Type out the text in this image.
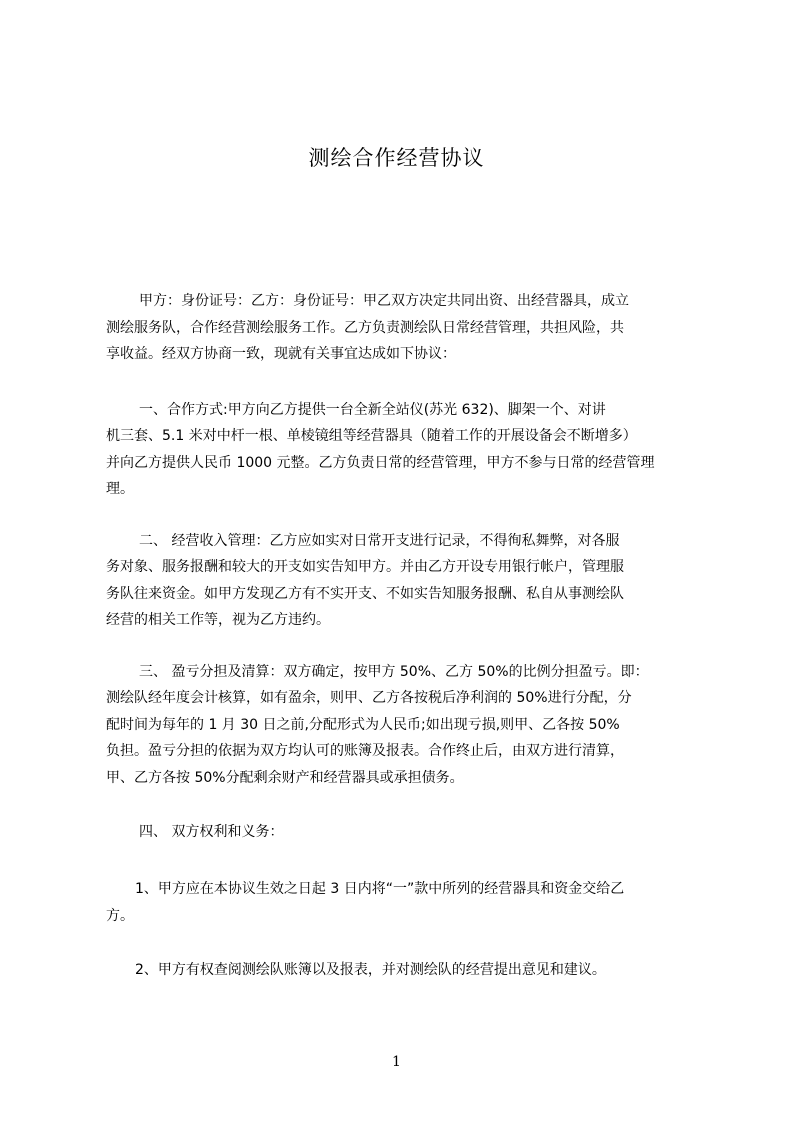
测绘合作经营协议
甲方：身份证号：乙方：身份证号：甲乙双方决定共同出资、出经营器具，成立
测绘服务队，合作经营测绘服务工作。乙方负责测绘队日常经营管理，共担风险，共
享收益。经双方协商一致，现就有关事宜达成如下协议：
一、合作方式:甲方向乙方提供一台全新全站仪(苏光 632)、脚架一个、对讲
机三套、5.1 米对中杆一根、单棱镜组等经营器具（随着工作的开展设备会不断增多）
并向乙方提供人民币 1000 元整。乙方负责日常的经营管理，甲方不参与日常的经营管理
理。
二、 经营收入管理：乙方应如实对日常开支进行记录，不得徇私舞弊，对各服
务对象、服务报酬和较大的开支如实告知甲方。并由乙方开设专用银行帐户，管理服
务队往来资金。如甲方发现乙方有不实开支、不如实告知服务报酬、私自从事测绘队
经营的相关工作等，视为乙方违约。
三、 盈亏分担及清算：双方确定，按甲方 50%、乙方 50%的比例分担盈亏。即：
测绘队经年度会计核算，如有盈余，则甲、乙方各按税后净利润的 50%进行分配，分
配时间为每年的 1 月 30 日之前,分配形式为人民币;如出现亏损,则甲、乙各按 50%
负担。盈亏分担的依据为双方均认可的账簿及报表。合作终止后，由双方进行清算，
甲、乙方各按 50%分配剩余财产和经营器具或承担债务。
四、 双方权利和义务：
1、甲方应在本协议生效之日起 3 日内将“一”款中所列的经营器具和资金交给乙
方。
2、甲方有权查阅测绘队账簿以及报表，并对测绘队的经营提出意见和建议。
1
